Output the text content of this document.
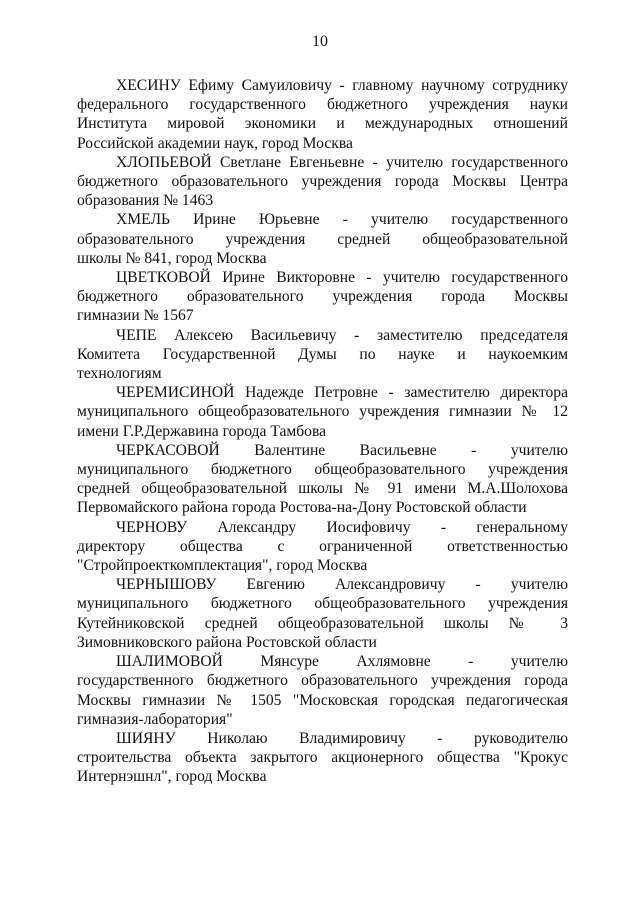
10
ХЕСИНУ Ефиму Самуиловичу - главному научному сотруднику
федерального государственного бюджетного учреждения науки
Института мировой экономики и международных отношений
Российской академии наук, город Москва
ХЛОПЬЕВОЙ Светлане Евгеньевне - учителю государственного
бюджетного образовательного учреждения города Москвы Центра
образования № 1463
ХМЕЛЬ Ирине Юрьевне - учителю государственного
образовательного учреждения средней общеобразовательной
школы № 841, город Москва
ЦВЕТКОВОЙ Ирине Викторовне - учителю государственного
бюджетного образовательного учреждения города Москвы
гимназии № 1567
ЧЕПЕ Алексею Васильевичу - заместителю председателя
Комитета Государственной Думы по науке и наукоемким
технологиям
ЧЕРЕМИСИНОЙ Надежде Петровне - заместителю директора
муниципального общеобразовательного учреждения гимназии № 12
имени Г.Р.Державина города Тамбова
ЧЕРКАСОВОЙ Валентине Васильевне - учителю
муниципального бюджетного общеобразовательного учреждения
средней общеобразовательной школы № 91 имени М.А.Шолохова
Первомайского района города Ростова-на-Дону Ростовской области
ЧЕРНОВУ Александру Иосифовичу - генеральному
директору общества с ограниченной ответственностью
"Стройпроекткомплектация", город Москва
ЧЕРНЫШОВУ Евгению Александровичу - учителю
муниципального бюджетного общеобразовательного учреждения
Кутейниковской средней общеобразовательной школы № 3
Зимовниковского района Ростовской области
ШАЛИМОВОЙ Мянсуре Ахлямовне - учителю
государственного бюджетного образовательного учреждения города
Москвы гимназии № 1505 "Московская городская педагогическая
гимназия-лаборатория"
ШИЯНУ Николаю Владимировичу - руководителю
строительства объекта закрытого акционерного общества "Крокус
Интернэшнл", город Москва
